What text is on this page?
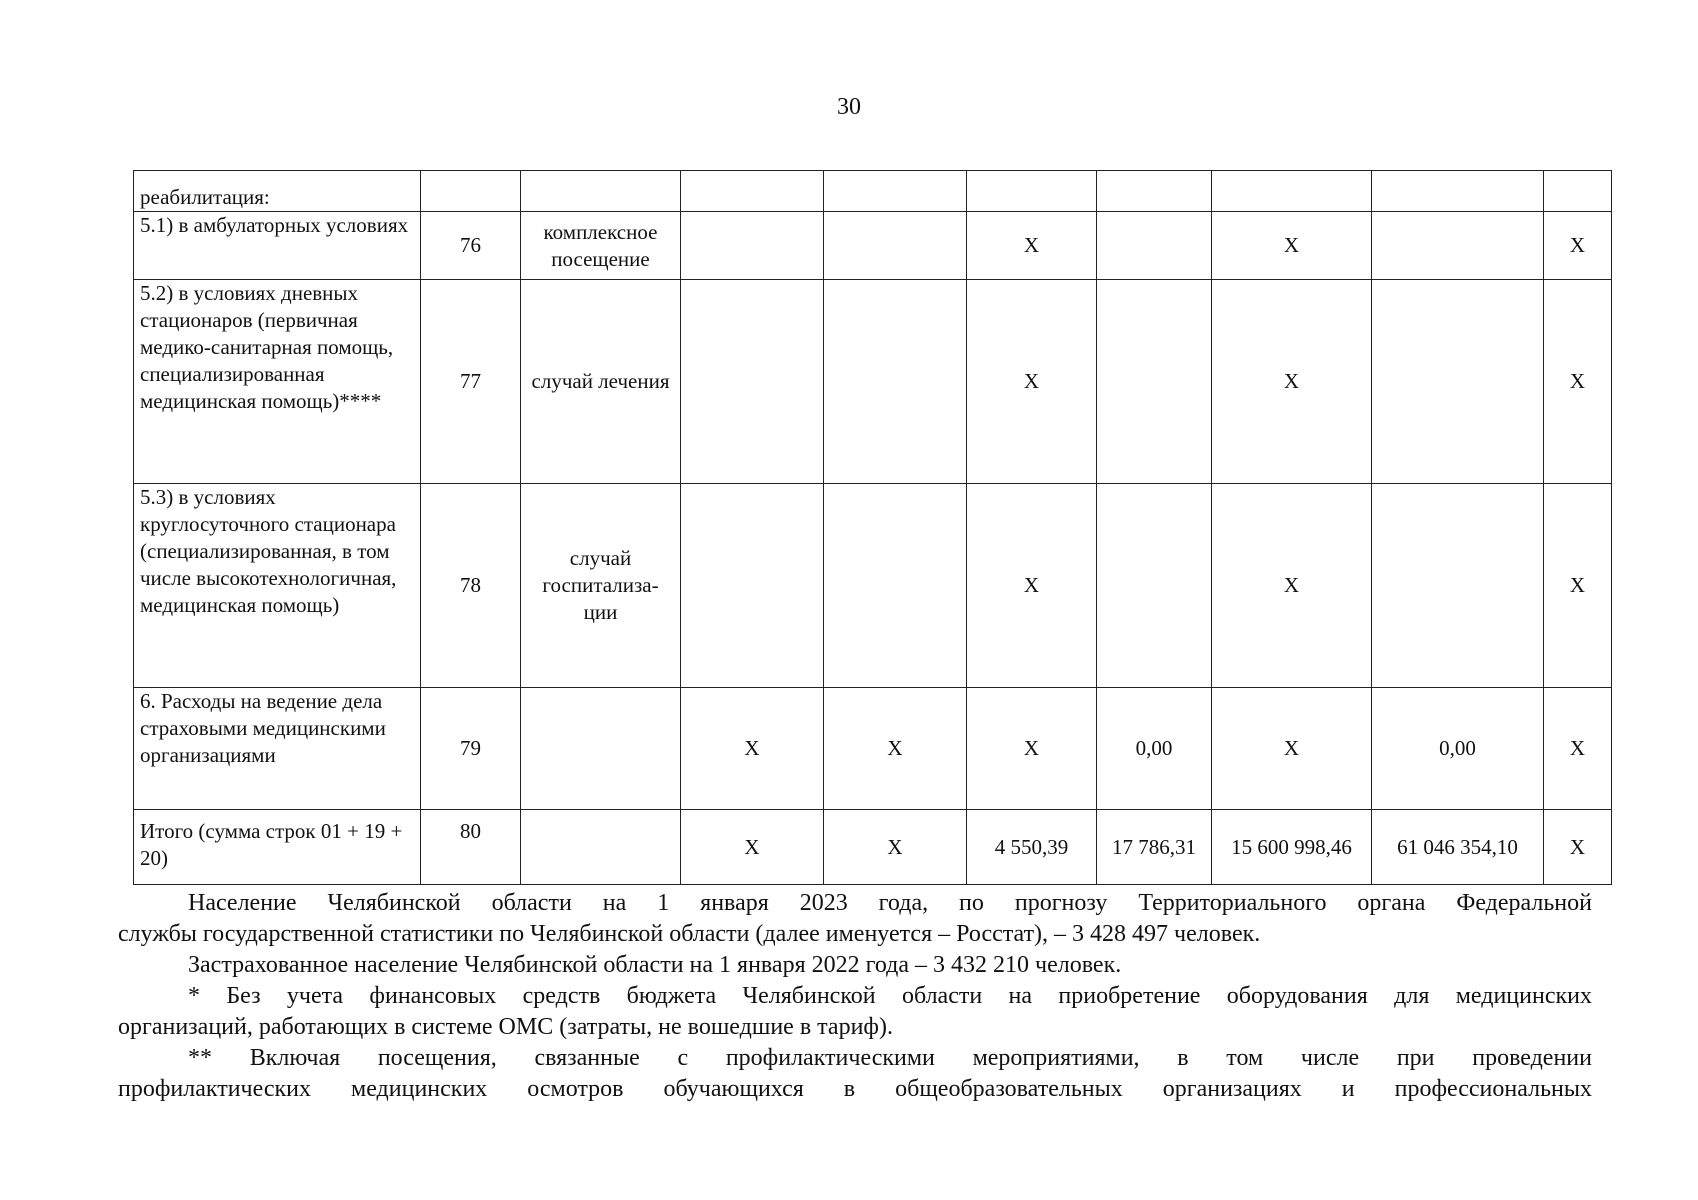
30
реабилитация:									
5.1) в амбулаторных условиях	76	комплексное посещение			Х		Х		Х
5.2) в условиях дневных стационаров (первичная медико-санитарная помощь, специализированная медицинская помощь)****	77	случай лечения			Х		Х		Х
5.3) в условиях круглосуточного стационара (специализированная, в том числе высокотехнологичная, медицинская помощь)	78	случай госпитализа-ции			Х		Х		Х
6. Расходы на ведение дела страховыми медицинскими организациями	79		Х	Х	Х	0,00	Х	0,00	Х
Итого (сумма строк 01 + 19 + 20)	80		Х	Х	4 550,39	17 786,31	15 600 998,46	61 046 354,10	Х

Население Челябинской области на 1 января 2023 года, по прогнозу Территориального органа Федеральной

службы государственной статистики по Челябинской области (далее именуется – Росстат), – 3 428 497 человек.

Застрахованное население Челябинской области на 1 января 2022 года – 3 432 210 человек.

* Без учета финансовых средств бюджета Челябинской области на приобретение оборудования для медицинских

организаций, работающих в системе ОМС (затраты, не вошедшие в тариф).

** Включая посещения, связанные с профилактическими мероприятиями, в том числе при проведении

профилактических медицинских осмотров обучающихся в общеобразовательных организациях и профессиональных
